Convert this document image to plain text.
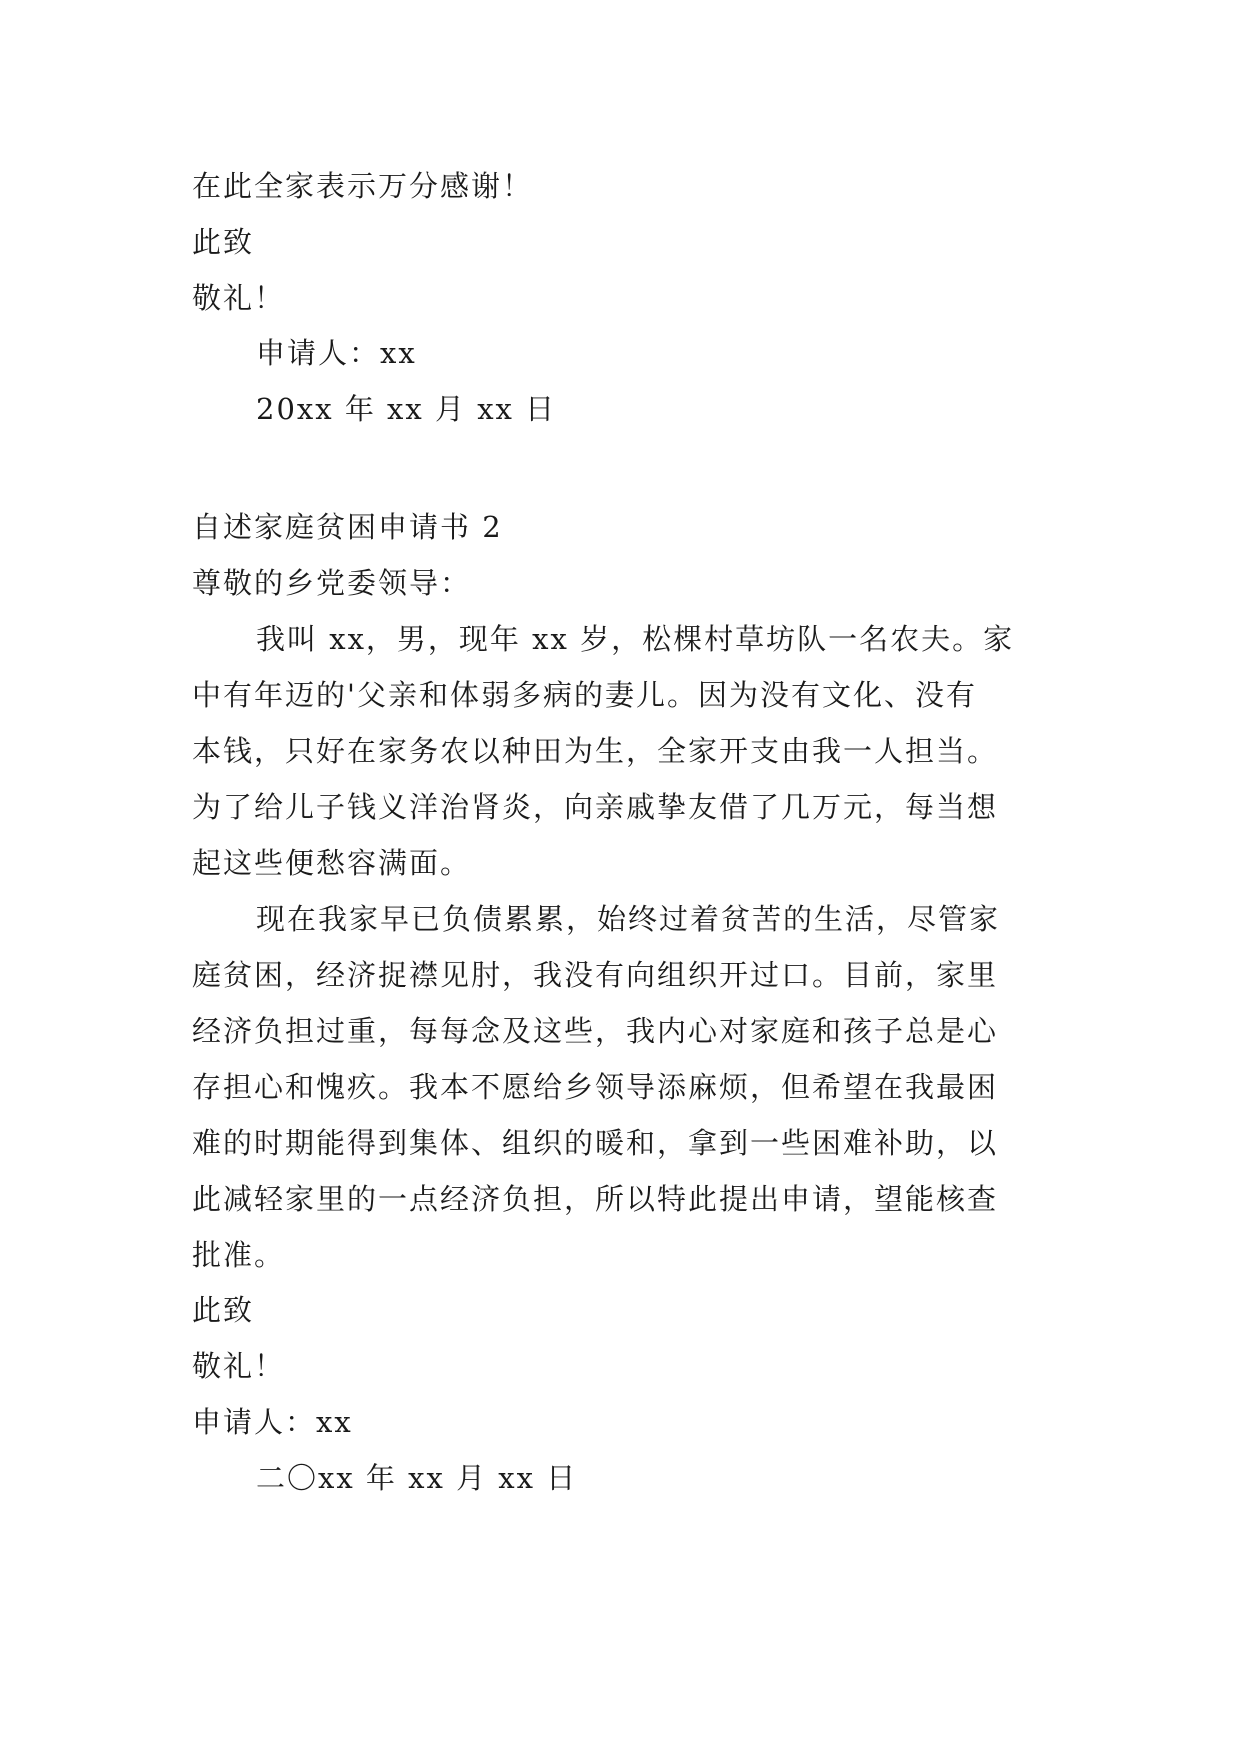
在此全家表示万分感谢！
此致
敬礼！
申请人：xx
20xx 年 xx 月 xx 日
自述家庭贫困申请书 2
尊敬的乡党委领导：
我叫 xx，男，现年 xx 岁，松棵村草坊队一名农夫。家
中有年迈的'父亲和体弱多病的妻儿。因为没有文化、没有
本钱，只好在家务农以种田为生，全家开支由我一人担当。
为了给儿子钱义洋治肾炎，向亲戚挚友借了几万元，每当想
起这些便愁容满面。
现在我家早已负债累累，始终过着贫苦的生活，尽管家
庭贫困，经济捉襟见肘，我没有向组织开过口。目前，家里
经济负担过重，每每念及这些，我内心对家庭和孩子总是心
存担心和愧疚。我本不愿给乡领导添麻烦，但希望在我最困
难的时期能得到集体、组织的暖和，拿到一些困难补助，以
此减轻家里的一点经济负担，所以特此提出申请，望能核查
批准。
此致
敬礼！
申请人：xx
二〇xx 年 xx 月 xx 日
